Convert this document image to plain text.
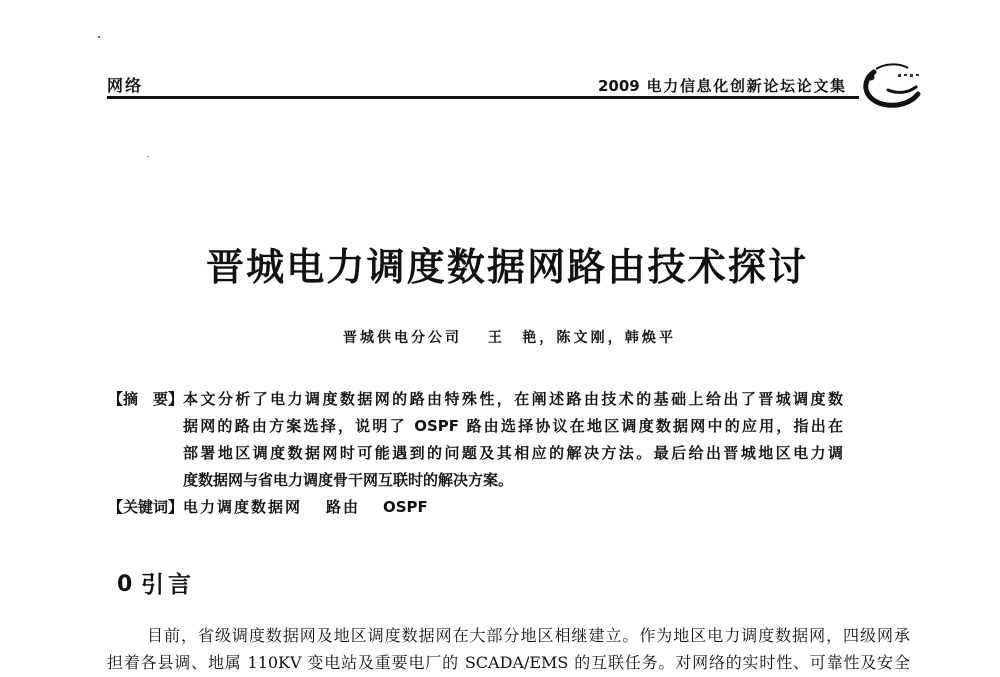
网络	2009 电力信息化创新论坛论文集

晋城电力调度数据网路由技术探讨

晋城供电分公司 王　艳，陈文刚，韩焕平

【摘　要】 本文分析了电力调度数据网的路由特殊性，在阐述路由技术的基础上给出了晋城调度数

据网的路由方案选择，说明了 OSPF 路由选择协议在地区调度数据网中的应用，指出在

部署地区调度数据网时可能遇到的问题及其相应的解决方法。最后给出晋城地区电力调

度数据网与省电力调度骨干网互联时的解决方案。

【关键词】 电力调度数据网 路由 OSPF

0 引言

目前，省级调度数据网及地区调度数据网在大部分地区相继建立。作为地区电力调度数据网，四级网承

担着各县调、地属 110KV 变电站及重要电厂的 SCADA/EMS 的互联任务。对网络的实时性、可靠性及安全
